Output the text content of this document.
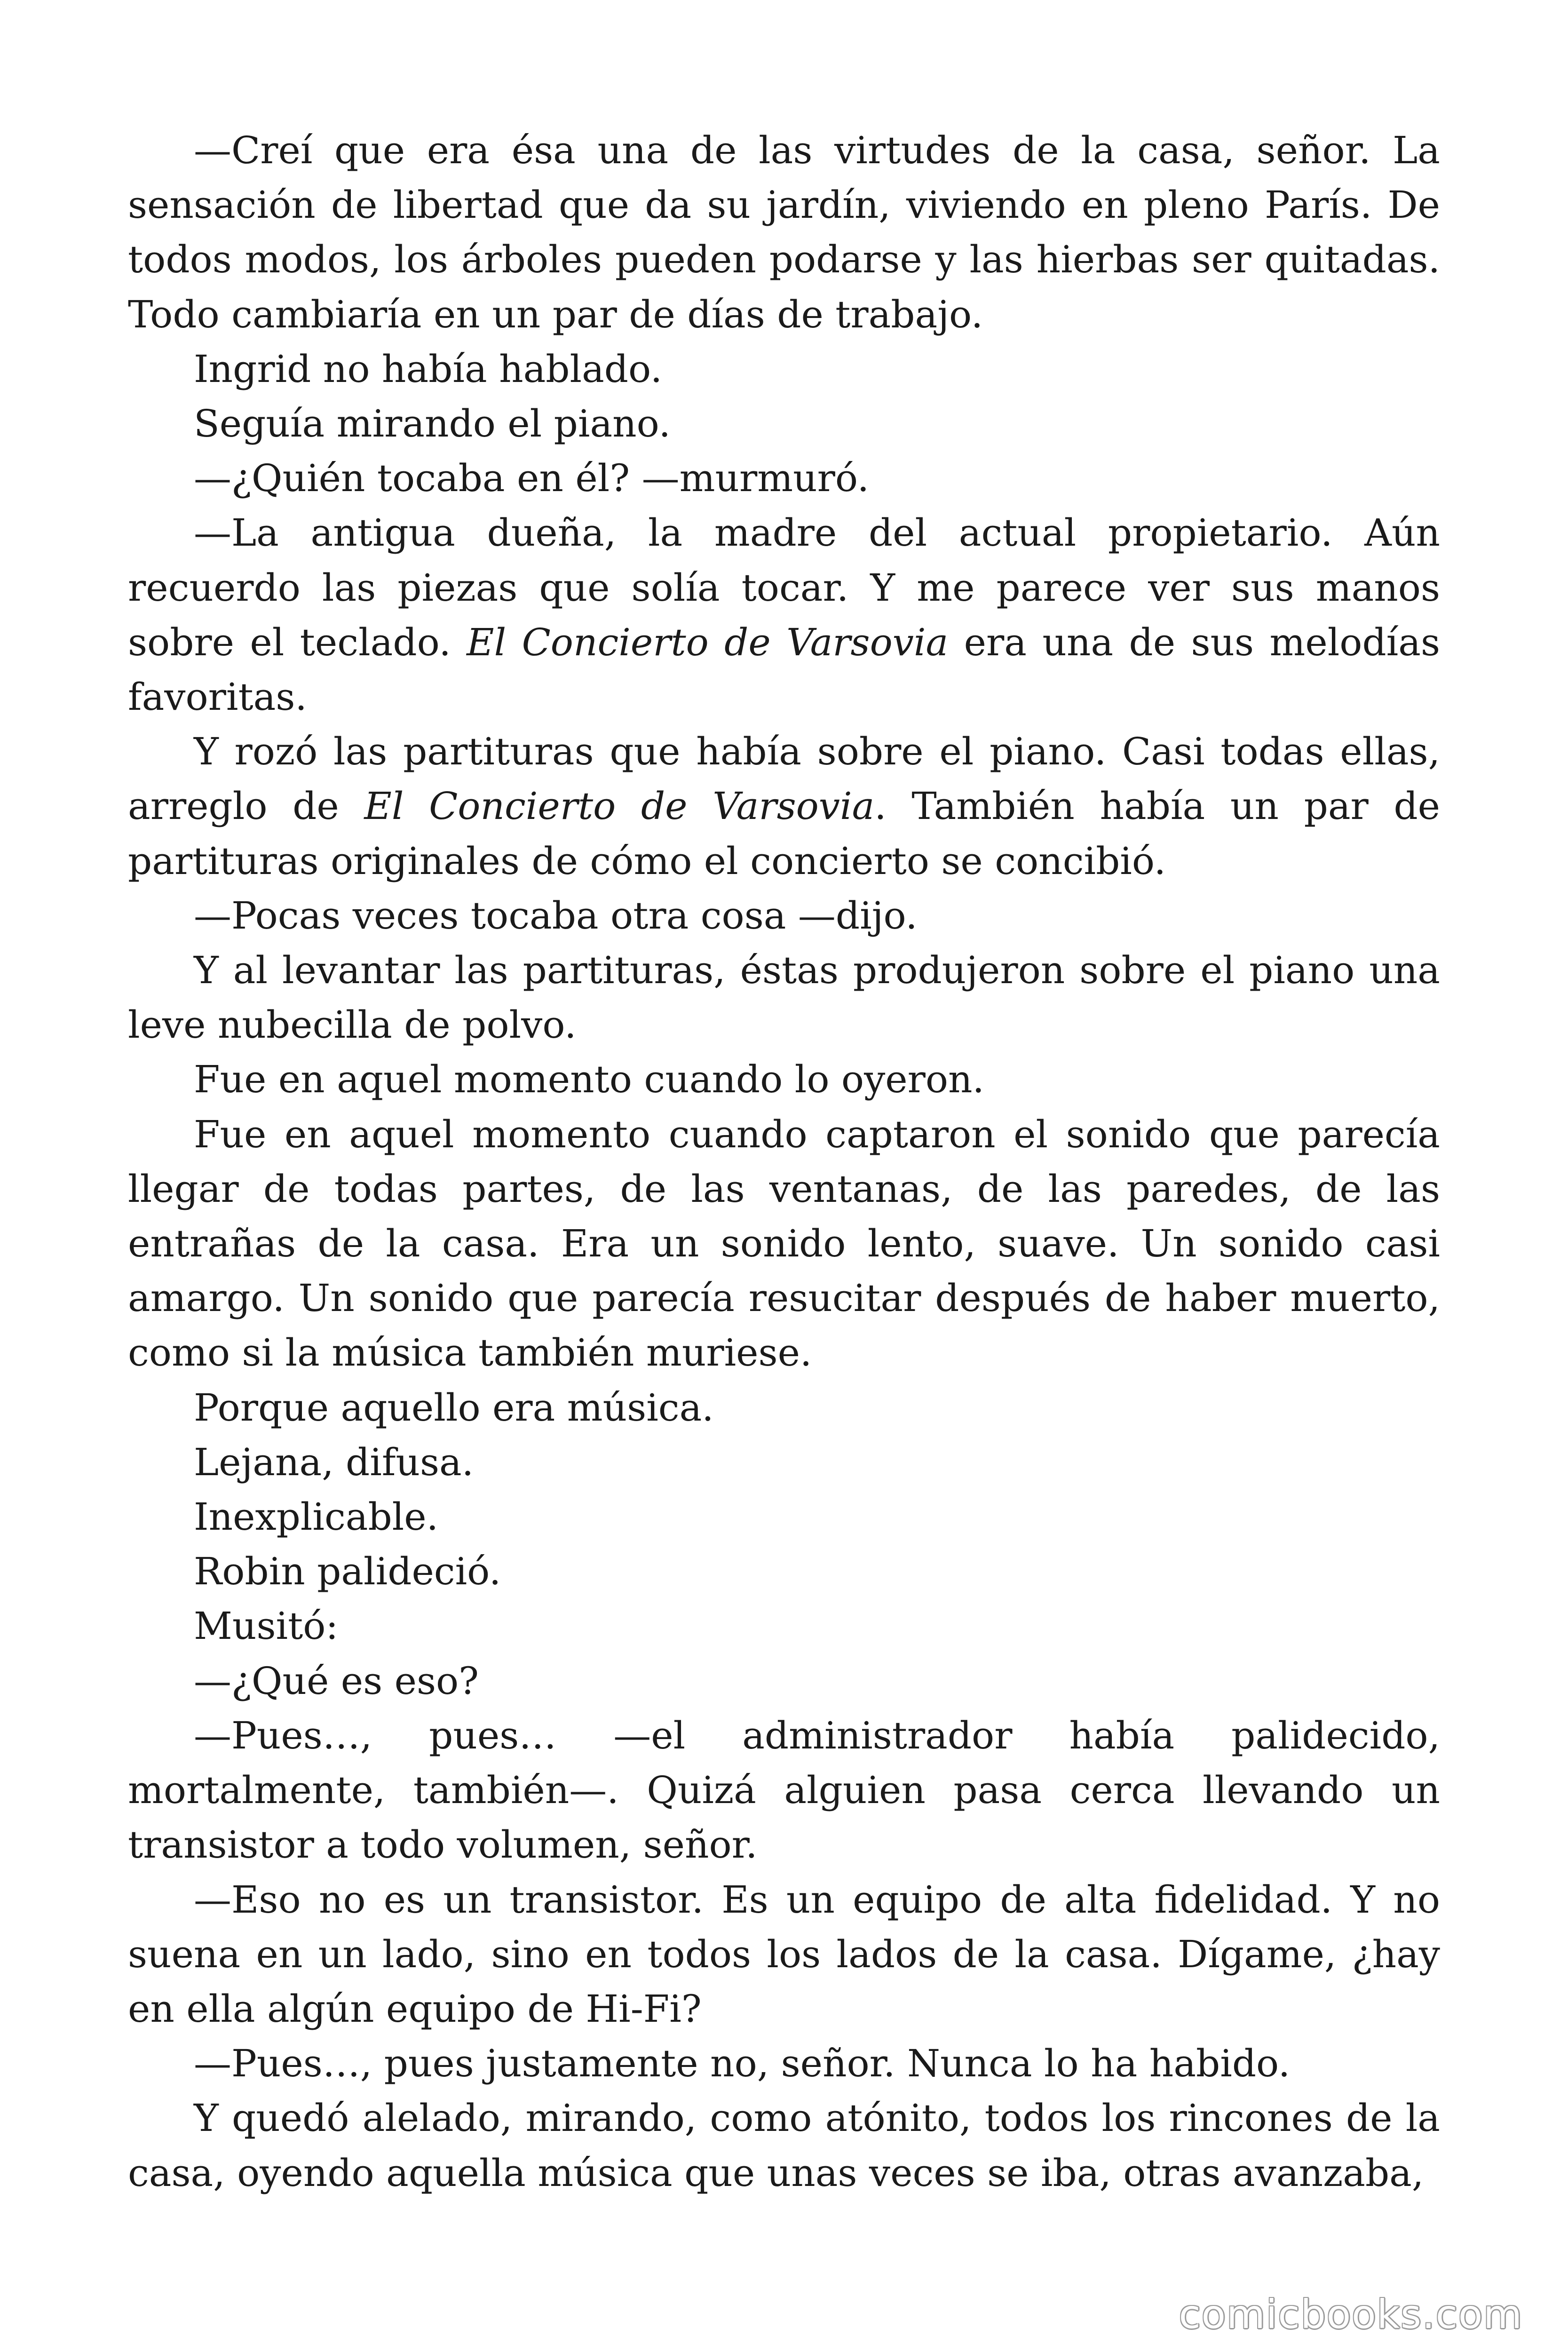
—Creí que era ésa una de las virtudes de la casa, señor. La sensación de libertad que da su jardín, viviendo en pleno París. De todos modos, los árboles pueden podarse y las hierbas ser quitadas. Todo cambiaría en un par de días de trabajo.

Ingrid no había hablado.

Seguía mirando el piano.

—¿Quién tocaba en él? —murmuró.

—La antigua dueña, la madre del actual propietario. Aún recuerdo las piezas que solía tocar. Y me parece ver sus manos sobre el teclado. El Concierto de Varsovia era una de sus melodías favoritas.

Y rozó las partituras que había sobre el piano. Casi todas ellas, arreglo de El Concierto de Varsovia. También había un par de partituras originales de cómo el concierto se concibió.

—Pocas veces tocaba otra cosa —dijo.

Y al levantar las partituras, éstas produjeron sobre el piano una leve nubecilla de polvo.

Fue en aquel momento cuando lo oyeron.

Fue en aquel momento cuando captaron el sonido que parecía llegar de todas partes, de las ventanas, de las paredes, de las entrañas de la casa. Era un sonido lento, suave. Un sonido casi amargo. Un sonido que parecía resucitar después de haber muerto, como si la música también muriese.

Porque aquello era música.

Lejana, difusa.

Inexplicable.

Robin palideció.

Musitó:

—¿Qué es eso?

—Pues…, pues… —el administrador había palidecido, mortalmente, también—. Quizá alguien pasa cerca llevando un transistor a todo volumen, señor.

—Eso no es un transistor. Es un equipo de alta fidelidad. Y no suena en un lado, sino en todos los lados de la casa. Dígame, ¿hay en ella algún equipo de Hi-Fi?

—Pues…, pues justamente no, señor. Nunca lo ha habido.

Y quedó alelado, mirando, como atónito, todos los rincones de la casa, oyendo aquella música que unas veces se iba, otras avanzaba,

comicbooks.com
